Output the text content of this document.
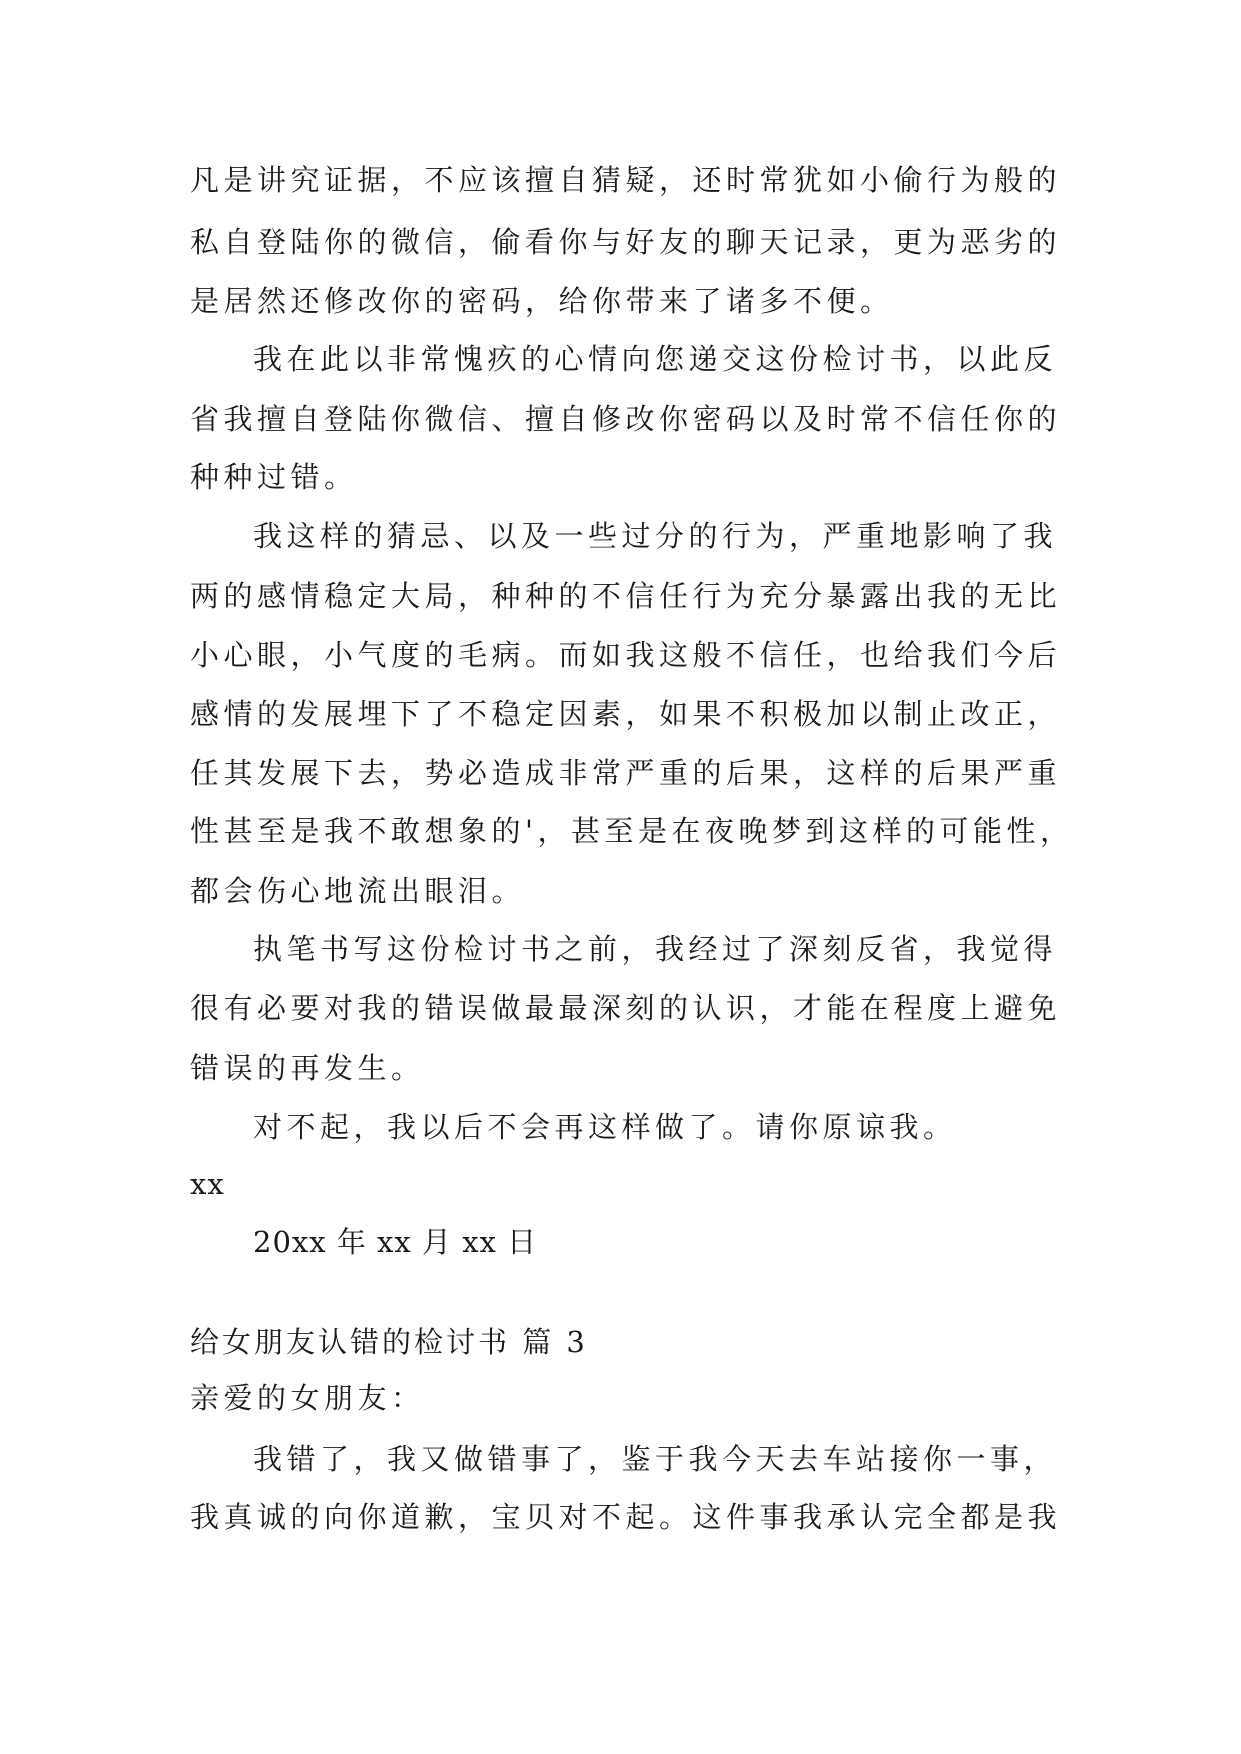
凡是讲究证据，不应该擅自猜疑，还时常犹如小偷行为般的
私自登陆你的微信，偷看你与好友的聊天记录，更为恶劣的
是居然还修改你的密码，给你带来了诸多不便。
我在此以非常愧疚的心情向您递交这份检讨书，以此反
省我擅自登陆你微信、擅自修改你密码以及时常不信任你的
种种过错。
我这样的猜忌、以及一些过分的行为，严重地影响了我
两的感情稳定大局，种种的不信任行为充分暴露出我的无比
小心眼，小气度的毛病。而如我这般不信任，也给我们今后
感情的发展埋下了不稳定因素，如果不积极加以制止改正，
任其发展下去，势必造成非常严重的后果，这样的后果严重
性甚至是我不敢想象的'，甚至是在夜晚梦到这样的可能性，
都会伤心地流出眼泪。
执笔书写这份检讨书之前，我经过了深刻反省，我觉得
很有必要对我的错误做最最深刻的认识，才能在程度上避免
错误的再发生。
对不起，我以后不会再这样做了。请你原谅我。
xx
20xx 年 xx 月 xx 日
给女朋友认错的检讨书 篇 3
亲爱的女朋友：
我错了，我又做错事了，鉴于我今天去车站接你一事，
我真诚的向你道歉，宝贝对不起。这件事我承认完全都是我
